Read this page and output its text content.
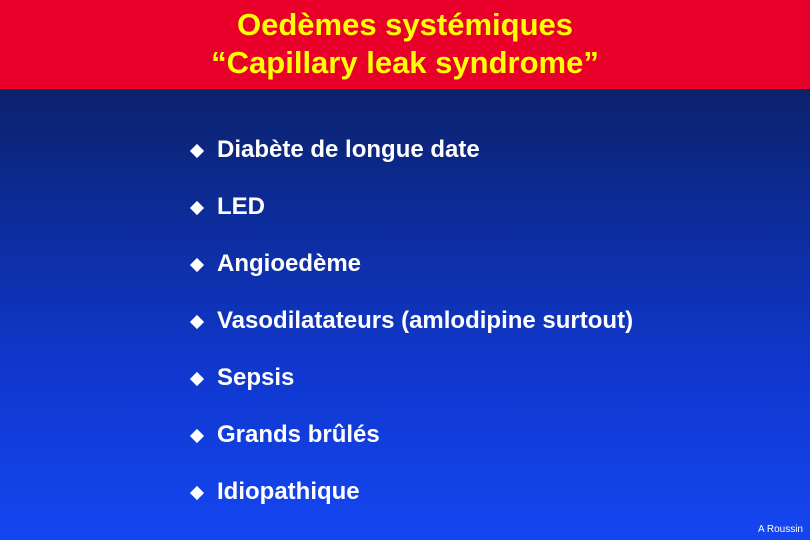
Oedèmes systémiques
“Capillary leak syndrome”
Diabète de longue date
LED
Angioedème
Vasodilatateurs (amlodipine surtout)
Sepsis
Grands brûlés
Idiopathique
A Roussin
